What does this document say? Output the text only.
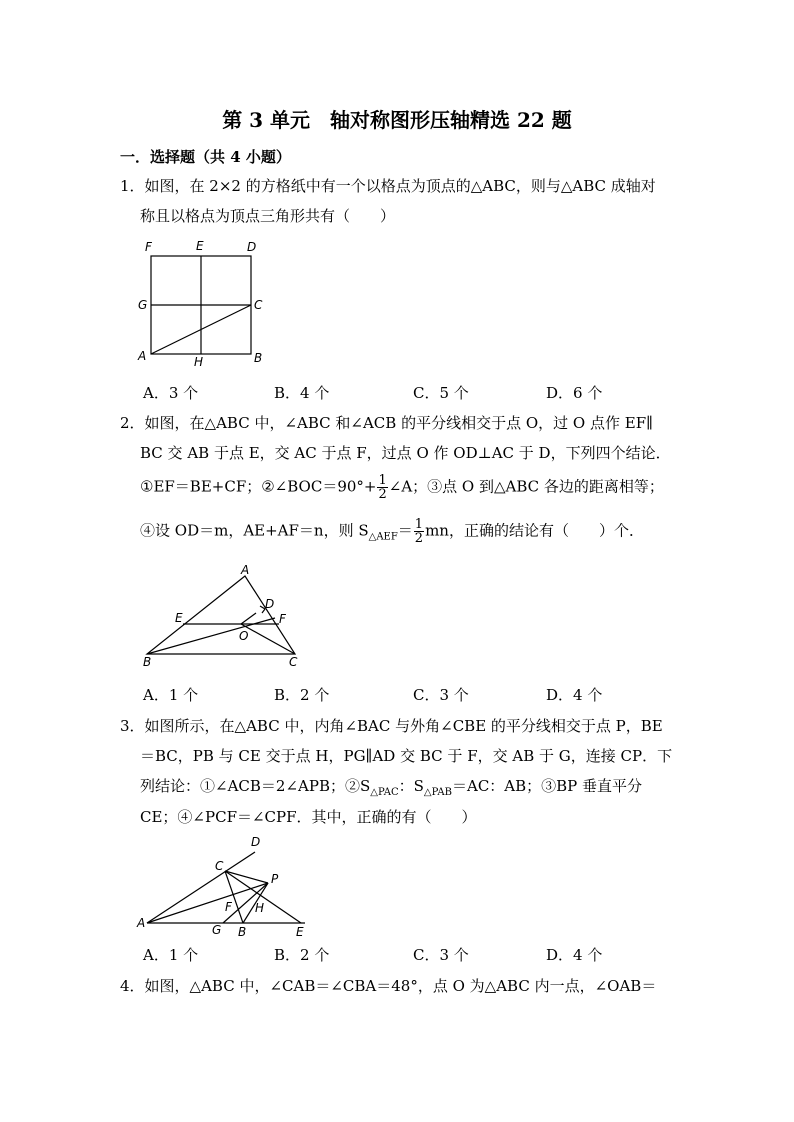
第 3 单元　轴对称图形压轴精选 22 题
一．选择题（共 4 小题）
1．如图，在 2×2 的方格纸中有一个以格点为顶点的△ABC，则与△ABC 成轴对
称且以格点为顶点三角形共有（　　）
F	E	D
G	C
A	H	B
A．3 个	B．4 个	C．5 个	D．6 个
2．如图，在△ABC 中，∠ABC 和∠ACB 的平分线相交于点 O，过 O 点作 EF∥
BC 交 AB 于点 E，交 AC 于点 F，过点 O 作 OD⊥AC 于 D，下列四个结论．
①EF＝BE+CF；②∠BOC＝90°+ $\frac{1}{2}$ ∠A；③点 O 到△ABC 各边的距离相等；
④设 OD＝m，AE+AF＝n，则 $S_{\triangle AEF}= \frac{1}{2}$ mn，正确的结论有（　　）个．
A
D
E	F
O
B	C
A．1 个	B．2 个	C．3 个	D．4 个
3．如图所示，在△ABC 中，内角∠BAC 与外角∠CBE 的平分线相交于点 P，BE
＝BC，PB 与 CE 交于点 H，PG∥AD 交 BC 于 F，交 AB 于 G，连接 CP．下
列结论：①∠ACB＝2∠APB；$②S_{\triangle PAC}$：$S_{\triangle PAB}=AC$：AB；③BP 垂直平分
CE；④∠PCF＝∠CPF．其中，正确的有（　　）
D
C
P
F H
A	G B	E
A．1 个	B．2 个	C．3 个	D．4 个
4．如图，△ABC 中，∠CAB＝∠CBA＝48°，点 O 为△ABC 内一点，∠OAB＝
